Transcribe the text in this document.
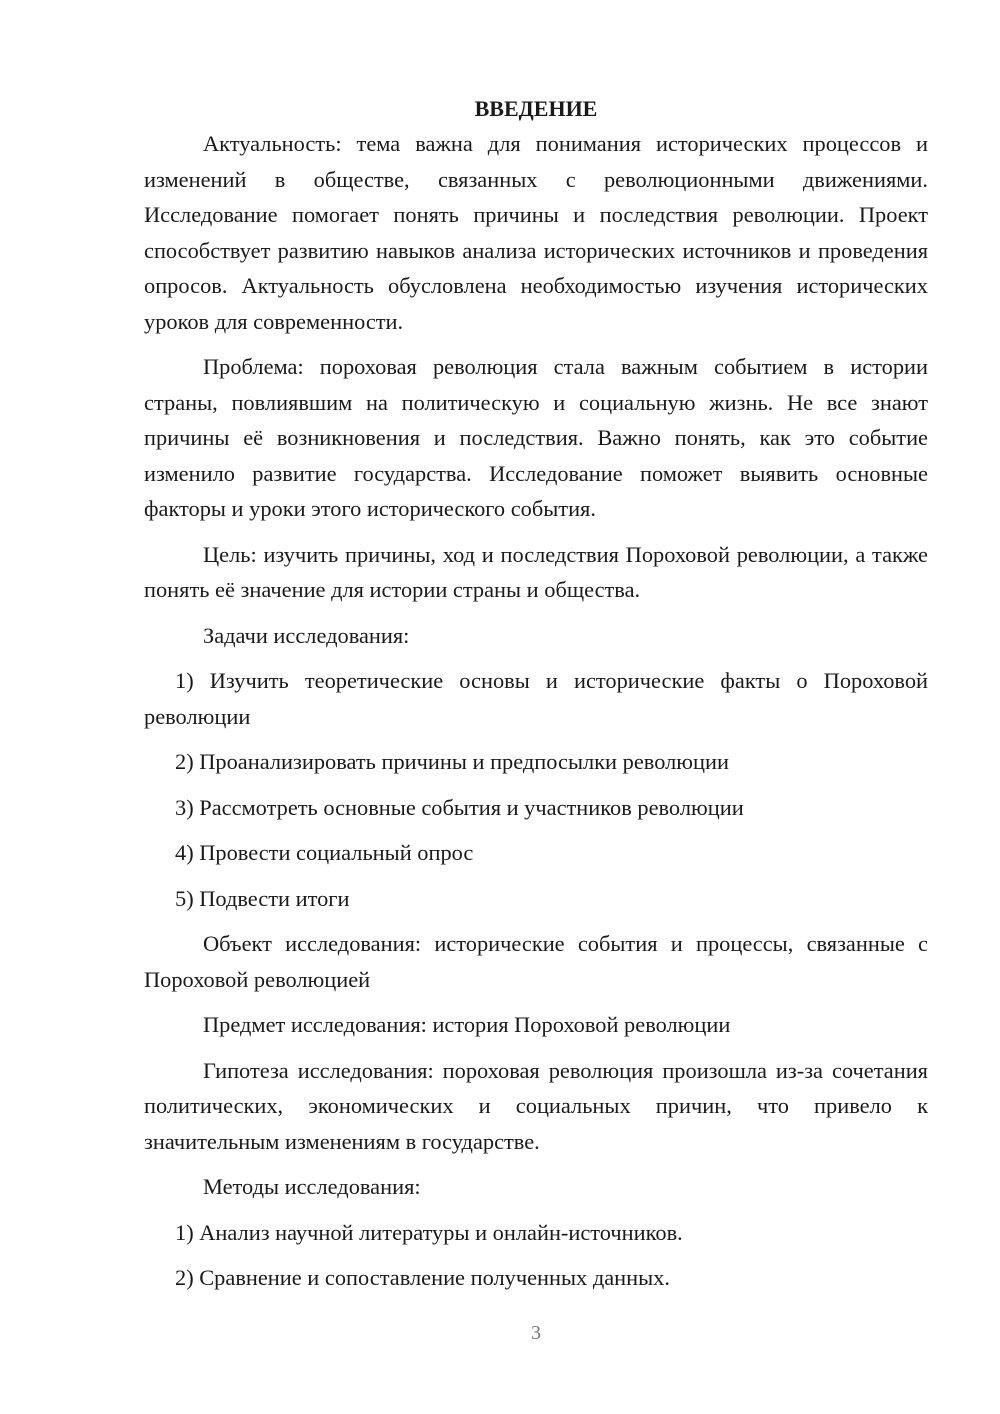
ВВЕДЕНИЕ

Актуальность: тема важна для понимания исторических процессов и изменений в обществе, связанных с революционными движениями. Исследование помогает понять причины и последствия революции. Проект способствует развитию навыков анализа исторических источников и проведения опросов. Актуальность обусловлена необходимостью изучения исторических уроков для современности.

Проблема: пороховая революция стала важным событием в истории страны, повлиявшим на политическую и социальную жизнь. Не все знают причины её возникновения и последствия. Важно понять, как это событие изменило развитие государства. Исследование поможет выявить основные факторы и уроки этого исторического события.

Цель: изучить причины, ход и последствия Пороховой революции, а также понять её значение для истории страны и общества.

Задачи исследования:

1) Изучить теоретические основы и исторические факты о Пороховой революции

2) Проанализировать причины и предпосылки революции

3) Рассмотреть основные события и участников революции

4) Провести социальный опрос

5) Подвести итоги

Объект исследования: исторические события и процессы, связанные с Пороховой революцией

Предмет исследования: история Пороховой революции

Гипотеза исследования: пороховая революция произошла из-за сочетания политических, экономических и социальных причин, что привело к значительным изменениям в государстве.

Методы исследования:

1) Анализ научной литературы и онлайн-источников.

2) Сравнение и сопоставление полученных данных.

3
